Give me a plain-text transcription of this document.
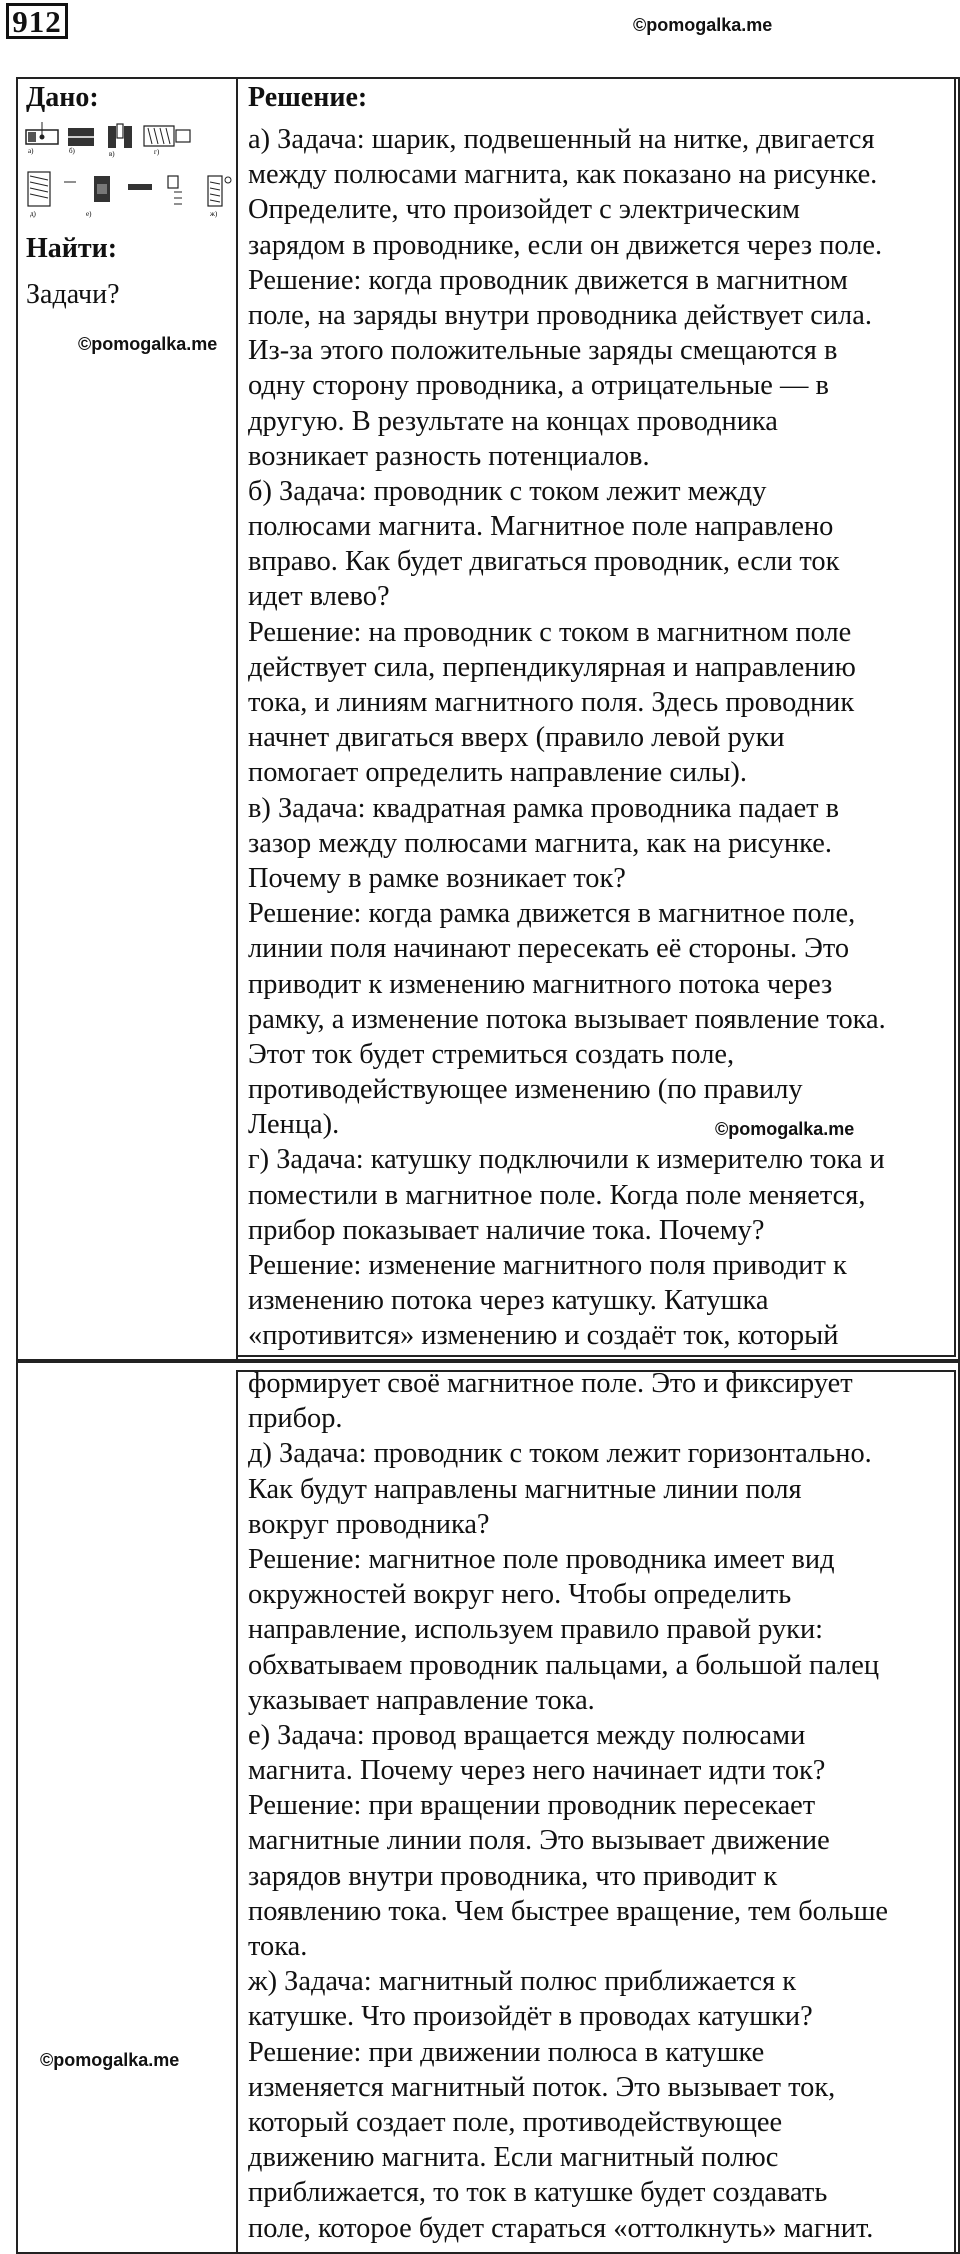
912	©pomogalka.me
Дано:
а)	б)	в)	г)
д)	е)	ж)
Найти:
Задачи?
©pomogalka.me
Решение:
а) Задача: шарик, подвешенный на нитке, двигается
между полюсами магнита, как показано на рисунке.
Определите, что произойдет с электрическим
зарядом в проводнике, если он движется через поле.
Решение: когда проводник движется в магнитном
поле, на заряды внутри проводника действует сила.
Из-за этого положительные заряды смещаются в
одну сторону проводника, а отрицательные — в
другую. В результате на концах проводника
возникает разность потенциалов.
б) Задача: проводник с током лежит между
полюсами магнита. Магнитное поле направлено
вправо. Как будет двигаться проводник, если ток
идет влево?
Решение: на проводник с током в магнитном поле
действует сила, перпендикулярная и направлению
тока, и линиям магнитного поля. Здесь проводник
начнет двигаться вверх (правило левой руки
помогает определить направление силы).
в) Задача: квадратная рамка проводника падает в
зазор между полюсами магнита, как на рисунке.
Почему в рамке возникает ток?
Решение: когда рамка движется в магнитное поле,
линии поля начинают пересекать её стороны. Это
приводит к изменению магнитного потока через
рамку, а изменение потока вызывает появление тока.
Этот ток будет стремиться создать поле,
противодействующее изменению (по правилу
Ленца).
г) Задача: катушку подключили к измерителю тока и
поместили в магнитное поле. Когда поле меняется,
прибор показывает наличие тока. Почему?
Решение: изменение магнитного поля приводит к
изменению потока через катушку. Катушка
«противится» изменению и создаёт ток, который
©pomogalka.me
формирует своё магнитное поле. Это и фиксирует
прибор.
д) Задача: проводник с током лежит горизонтально.
Как будут направлены магнитные линии поля
вокруг проводника?
Решение: магнитное поле проводника имеет вид
окружностей вокруг него. Чтобы определить
направление, используем правило правой руки:
обхватываем проводник пальцами, а большой палец
указывает направление тока.
е) Задача: провод вращается между полюсами
магнита. Почему через него начинает идти ток?
Решение: при вращении проводник пересекает
магнитные линии поля. Это вызывает движение
зарядов внутри проводника, что приводит к
появлению тока. Чем быстрее вращение, тем больше
тока.
ж) Задача: магнитный полюс приближается к
катушке. Что произойдёт в проводах катушки?
Решение: при движении полюса в катушке
изменяется магнитный поток. Это вызывает ток,
который создает поле, противодействующее
движению магнита. Если магнитный полюс
приближается, то ток в катушке будет создавать
поле, которое будет стараться «оттолкнуть» магнит.
©pomogalka.me
